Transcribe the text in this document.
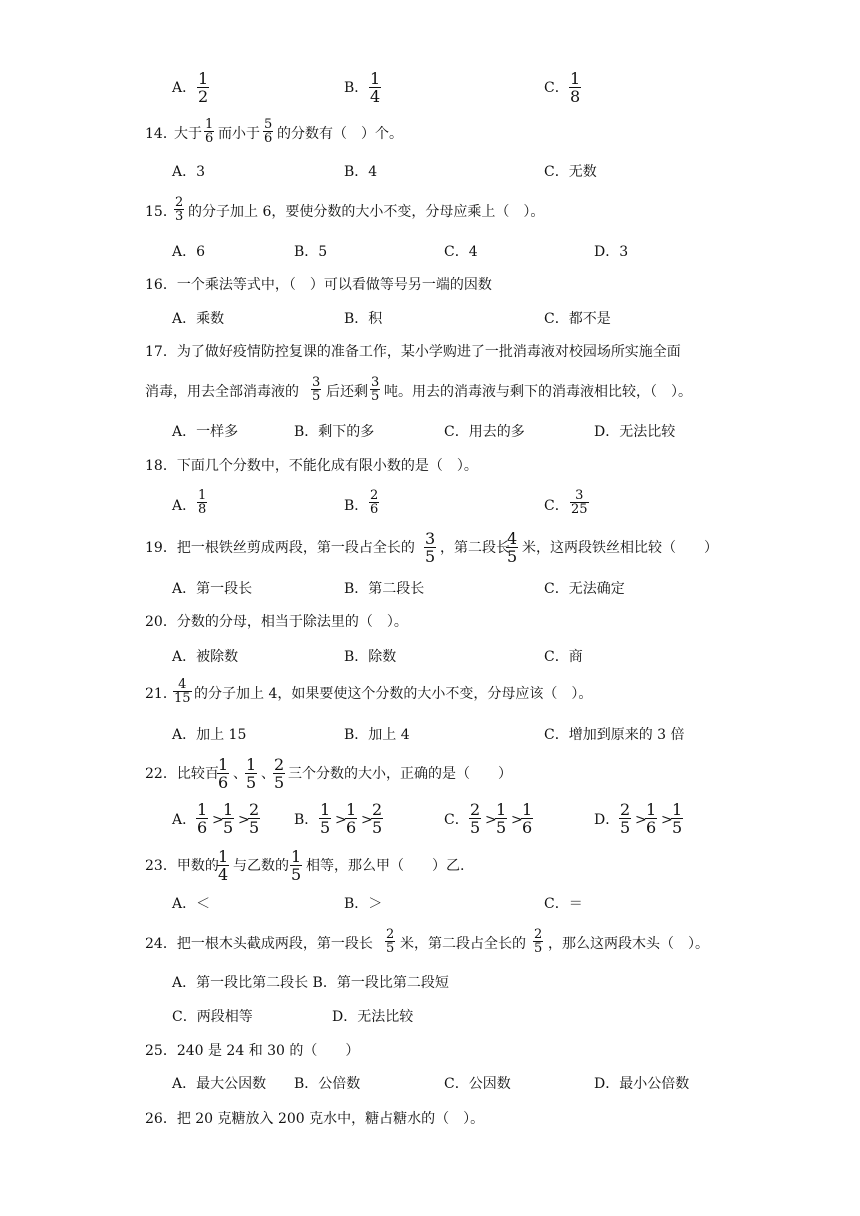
A． $\frac{1}{2}$	B． $\frac{1}{4}$	C． $\frac{1}{8}$
14．
大于 $\frac{1}{6}$ 而小于 $\frac{5}{6}$ 的分数有（　）个。
A．3	B．4	C．无数
15．
$\frac{2}{3}$ 的分子加上 6，要使分数的大小不变，分母应乘上（　）。
A．6	B．5	C．4	D．3
16．一个乘法等式中，（　）可以看做等号另一端的因数
A．乘数	B．积	C．都不是
17．为了做好疫情防控复课的准备工作，某小学购进了一批消毒液对校园场所实施全面
消毒，用去全部消毒液的 $\frac{3}{5}$ 后还剩 $\frac{3}{5}$ 吨。用去的消毒液与剩下的消毒液相比较，（　）。
A．一样多	B．剩下的多	C．用去的多	D．无法比较
18．下面几个分数中，不能化成有限小数的是（　）。
A． $\frac{1}{8}$	B． $\frac{2}{6}$	C． $\frac{3}{25}$
19．把一根铁丝剪成两段，第一段占全长的 $\frac{3}{5}$ ，第二段长
$\frac{4}{5}$ 米，这两段铁丝相比较（　　）
A．第一段长	B．第二段长	C．无法确定
20．分数的分母，相当于除法里的（　）。
A．被除数	B．除数	C．商
21．
$\frac{4}{15}$ 的分子加上 4，如果要使这个分数的大小不变，分母应该（　）。
A．加上 15	B．加上 4	C．增加到原来的 3 倍
22．比较百
$\frac{1}{6}$ 、
$\frac{1}{5}$ 、
$\frac{2}{5}$ 三个分数的大小，正确的是（　　）
A． $\frac{1}{6}$ >
$\frac{1}{5}$ >
$\frac{2}{5}$ B． $\frac{1}{5}$ >
$\frac{1}{6}$ >
$\frac{2}{5}$	C． $\frac{2}{5}$ >
$\frac{1}{5}$ >
$\frac{1}{6}$	D． $\frac{2}{5}$ >
$\frac{1}{6}$ >
$\frac{1}{5}$
23．甲数的
$\frac{1}{4}$ 与乙数的 $\frac{1}{5}$ 相等，那么甲（　　）乙.
A．＜	B．＞	C．＝
24．把一根木头截成两段，第一段长 $\frac{2}{5}$ 米，第二段占全长的 $\frac{2}{5}$ ，那么这两段木头（　）。
A．第一段比第二段长 B．第一段比第二段短
C．两段相等	D．无法比较
25．240 是 24 和 30 的（　　）
A．最大公因数 B．公倍数	C．公因数	D．最小公倍数
26．把 20 克糖放入 200 克水中，糖占糖水的（　）。
